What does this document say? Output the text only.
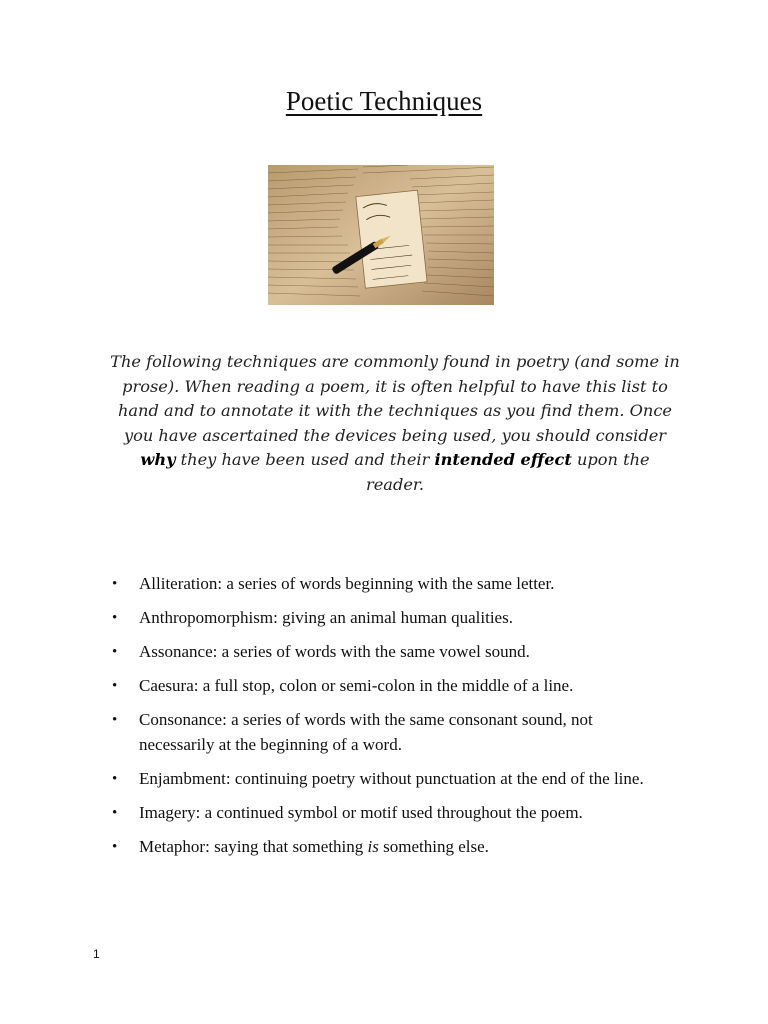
Poetic Techniques
The following techniques are commonly found in poetry (and some in prose). When reading a poem, it is often helpful to have this list to hand and to annotate it with the techniques as you find them. Once you have ascertained the devices being used, you should consider why they have been used and their intended effect upon the reader.
•	Alliteration: a series of words beginning with the same letter.
•	Anthropomorphism: giving an animal human qualities.
•	Assonance: a series of words with the same vowel sound.
•	Caesura: a full stop, colon or semi-colon in the middle of a line.
•	Consonance: a series of words with the same consonant sound, not necessarily at the beginning of a word.
•	Enjambment: continuing poetry without punctuation at the end of the line.
•	Imagery: a continued symbol or motif used throughout the poem.
•	Metaphor: saying that something is something else.
1
